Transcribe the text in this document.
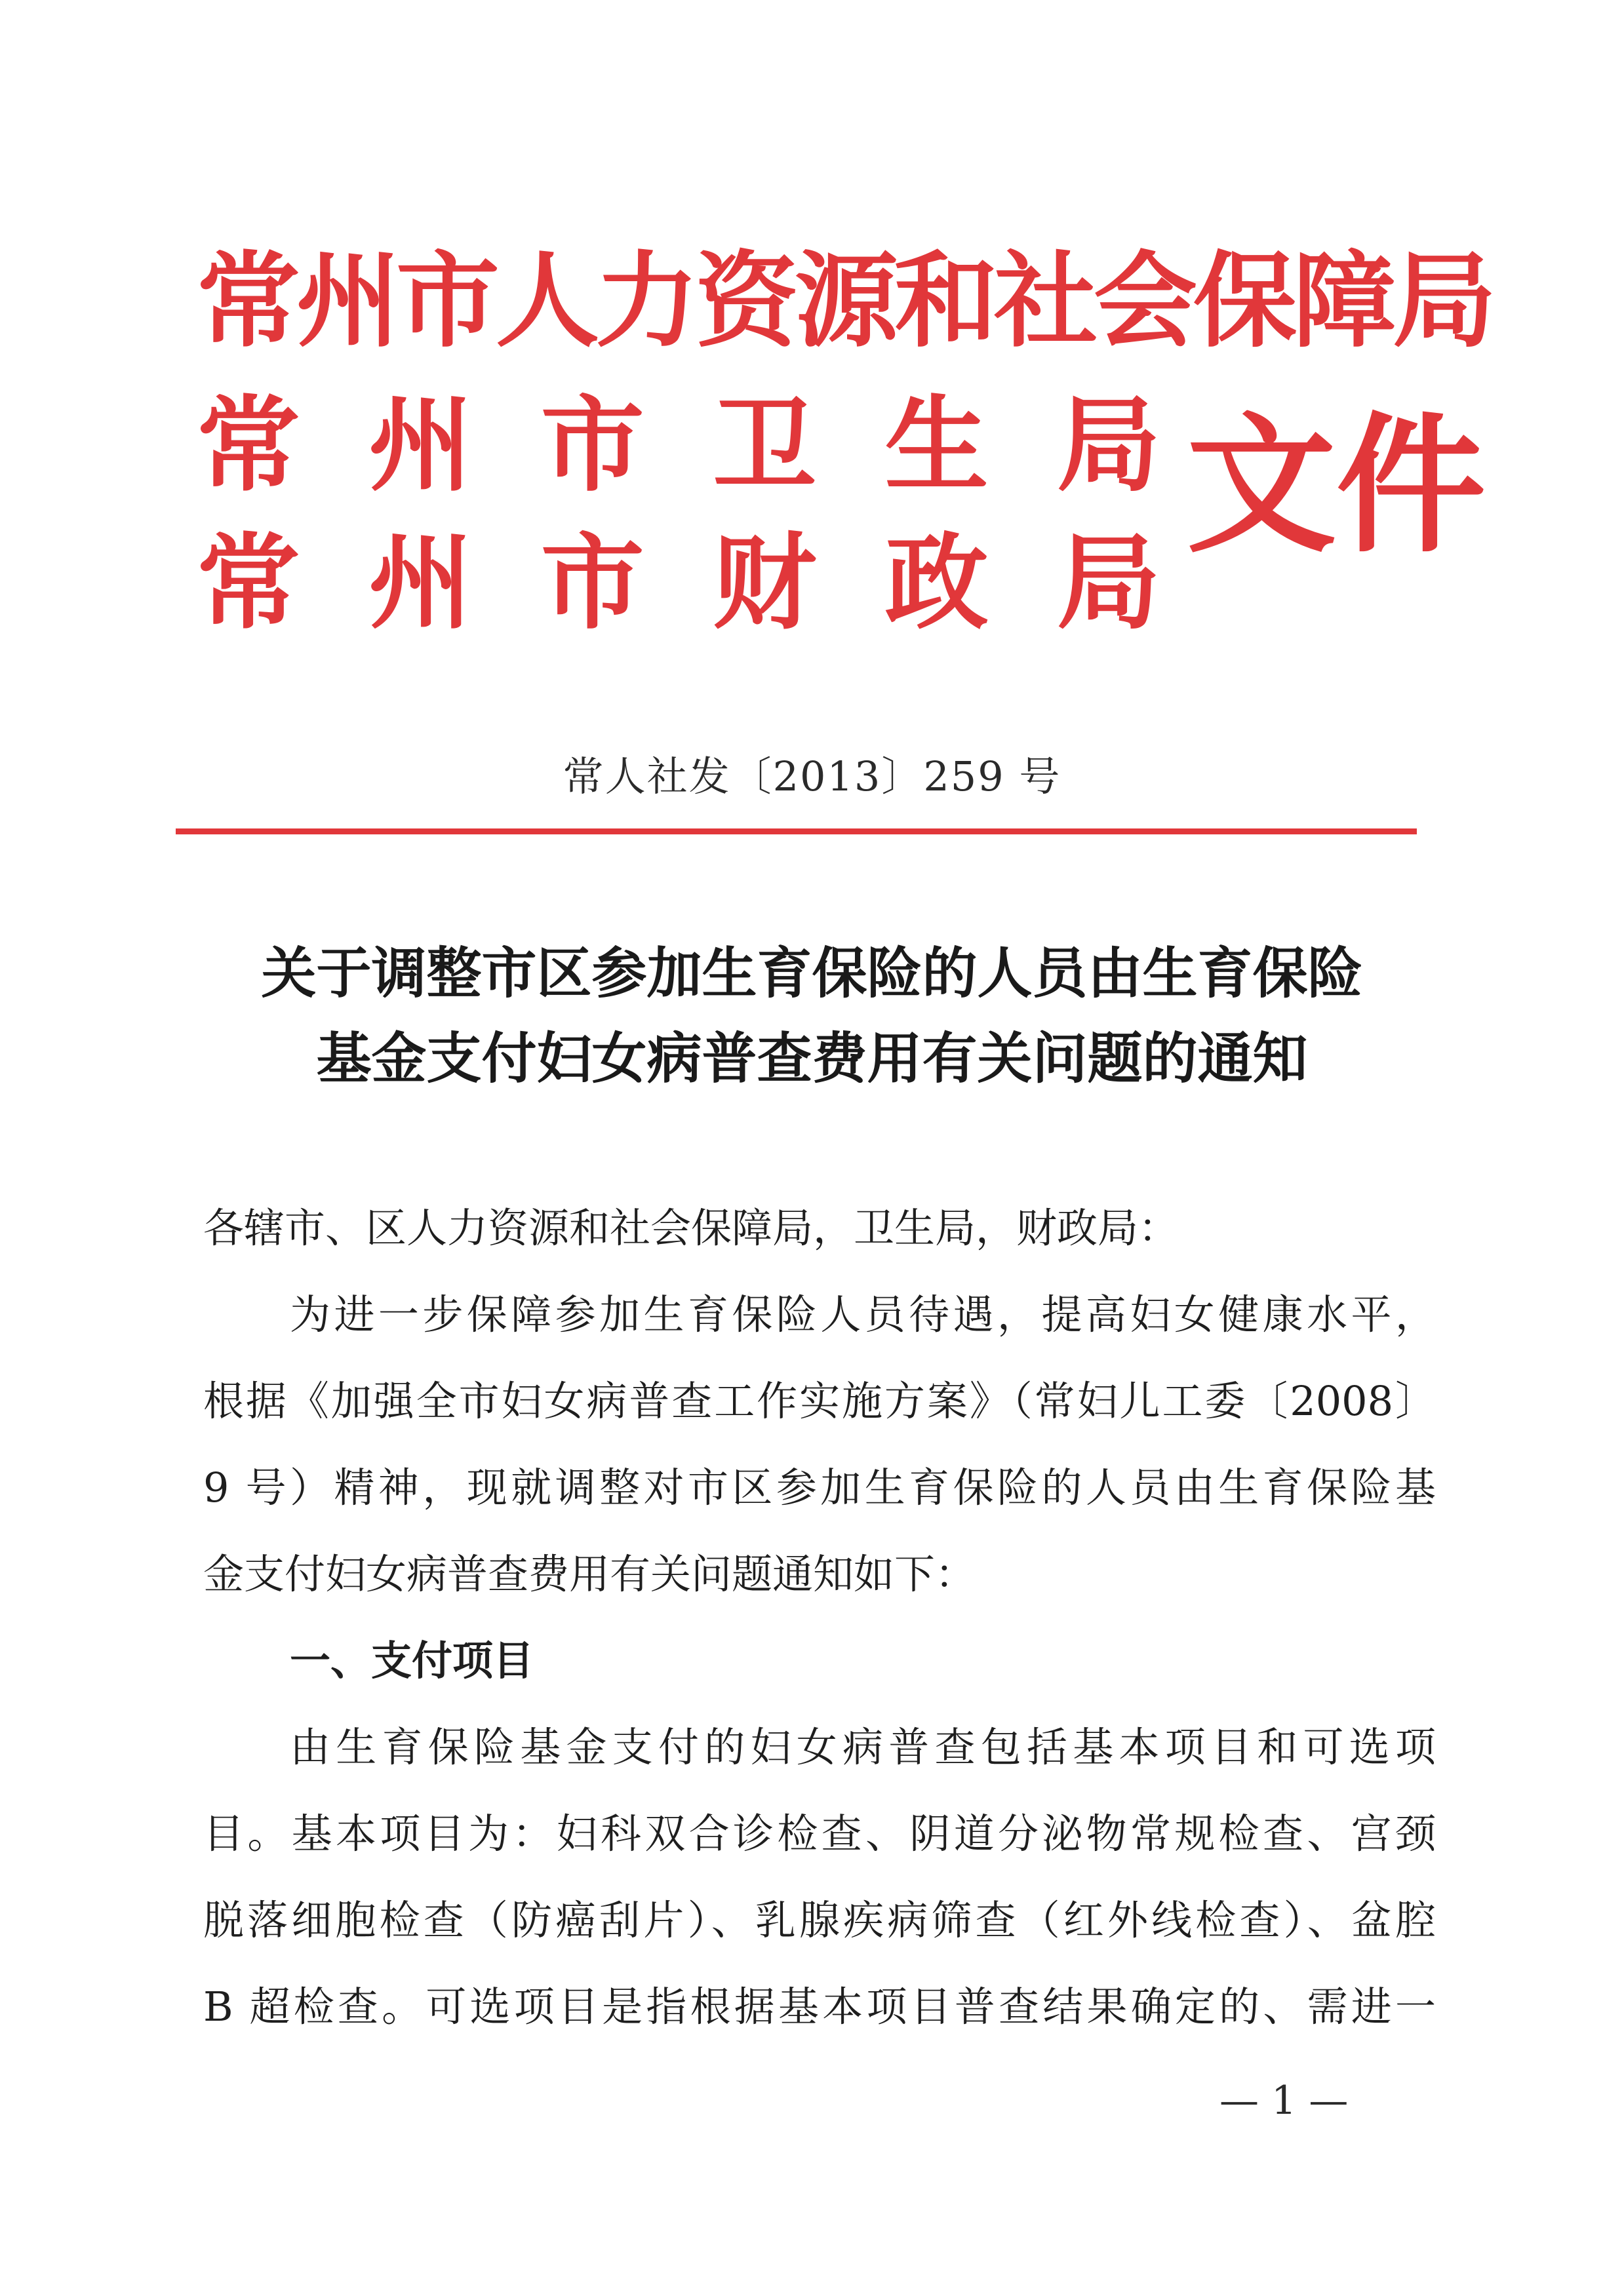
常州市人力资源和社会保障局
常 州 市 卫 生 局
常 州 市 财 政 局
文件
常人社发〔2013〕259 号
关于调整市区参加生育保险的人员由生育保险
基金支付妇女病普查费用有关问题的通知
各辖市、区人力资源和社会保障局，卫生局，财政局：
为进一步保障参加生育保险人员待遇，提高妇女健康水平，
根据《加强全市妇女病普查工作实施方案》（常妇儿工委〔2008〕
9 号）精神，现就调整对市区参加生育保险的人员由生育保险基
金支付妇女病普查费用有关问题通知如下：
一、支付项目
由生育保险基金支付的妇女病普查包括基本项目和可选项
目。基本项目为：妇科双合诊检查、阴道分泌物常规检查、宫颈
脱落细胞检查（防癌刮片）、乳腺疾病筛查（红外线检查）、盆腔
B 超检查。可选项目是指根据基本项目普查结果确定的、需进一
— 1 —
